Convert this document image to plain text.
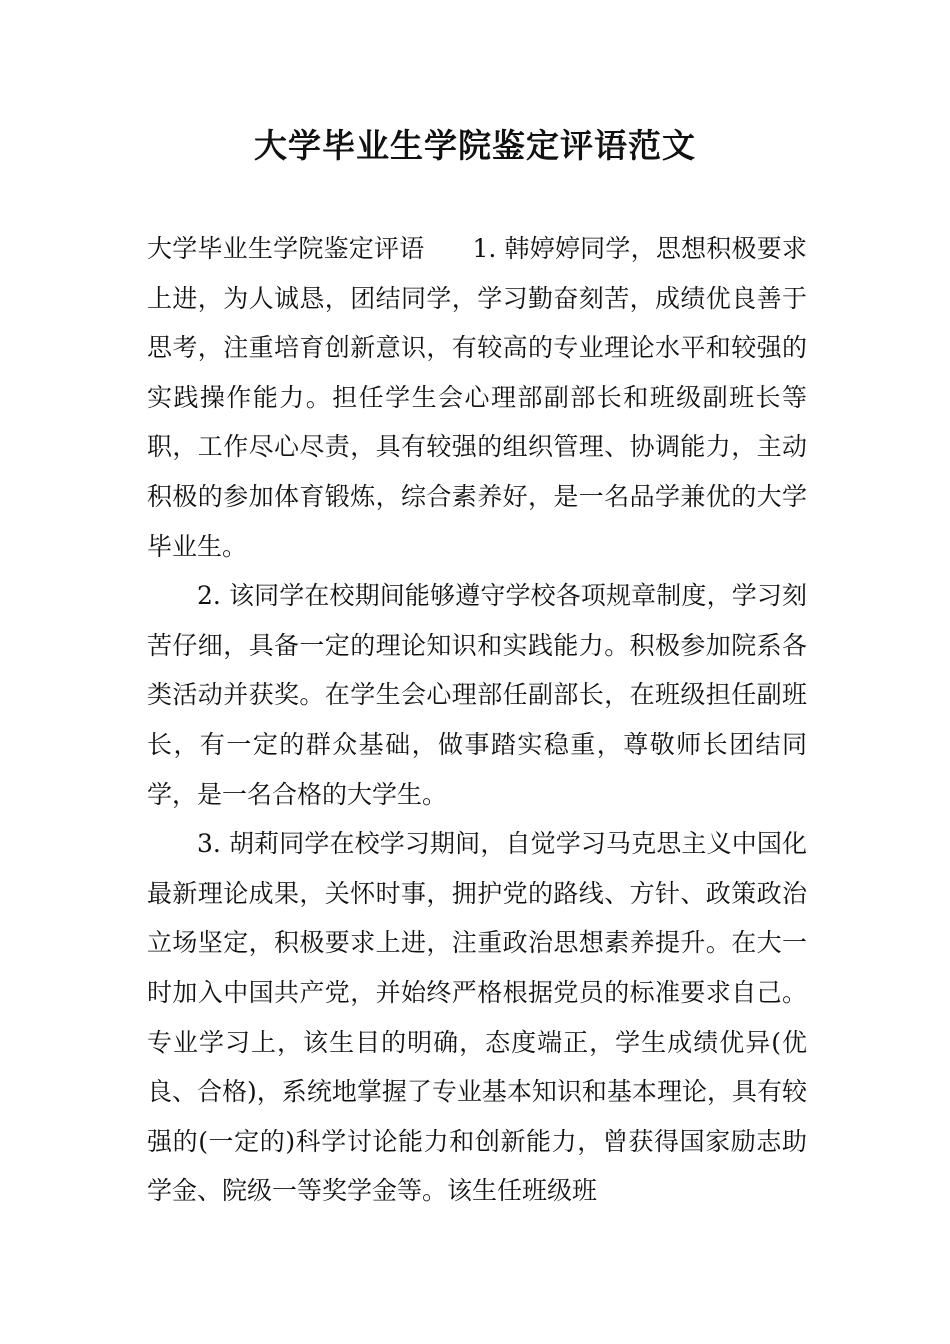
大学毕业生学院鉴定评语范文

大学毕业生学院鉴定评语 1. 韩婷婷同学，思想积极要求上进，为人诚恳，团结同学，学习勤奋刻苦，成绩优良善于思考，注重培育创新意识，有较高的专业理论水平和较强的实践操作能力。担任学生会心理部副部长和班级副班长等职，工作尽心尽责，具有较强的组织管理、协调能力，主动积极的参加体育锻炼，综合素养好，是一名品学兼优的大学毕业生。

2. 该同学在校期间能够遵守学校各项规章制度，学习刻苦仔细，具备一定的理论知识和实践能力。积极参加院系各类活动并获奖。在学生会心理部任副部长，在班级担任副班长，有一定的群众基础，做事踏实稳重，尊敬师长团结同学，是一名合格的大学生。

3. 胡莉同学在校学习期间，自觉学习马克思主义中国化最新理论成果，关怀时事，拥护党的路线、方针、政策政治立场坚定，积极要求上进，注重政治思想素养提升。在大一时加入中国共产党，并始终严格根据党员的标准要求自己。专业学习上，该生目的明确，态度端正，学生成绩优异(优良、合格)，系统地掌握了专业基本知识和基本理论，具有较强的(一定的)科学讨论能力和创新能力，曾获得国家励志助学金、院级一等奖学金等。该生任班级班
